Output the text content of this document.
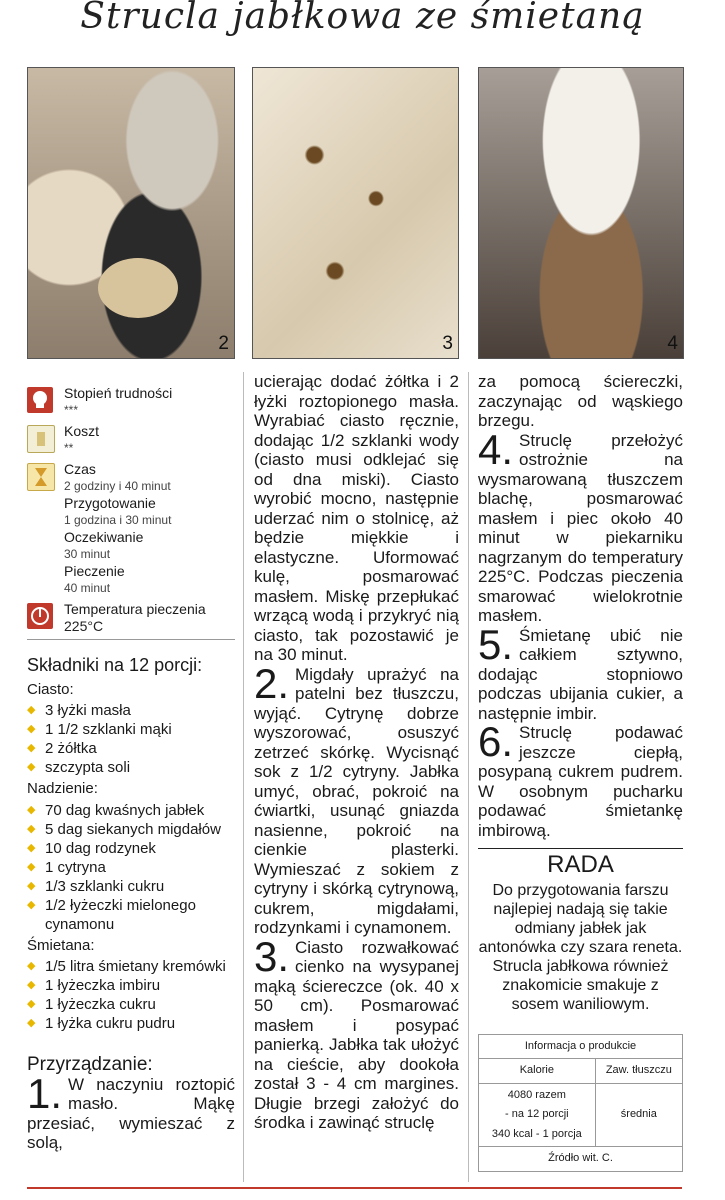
Strucla jabłkowa ze śmietaną
2	3	4
Stopień trudności
***
Koszt
**
Czas
2 godziny i 40 minut
Przygotowanie
1 godzina i 30 minut
Oczekiwanie
30 minut
Pieczenie
40 minut
Temperatura pieczenia
225°C
Składniki na 12 porcji:
Ciasto:
◆ 3 łyżki masła
◆ 1 1/2 szklanki mąki
◆ 2 żółtka
◆ szczypta soli
Nadzienie:
◆ 70 dag kwaśnych jabłek
◆ 5 dag siekanych migdałów
◆ 10 dag rodzynek
◆ 1 cytryna
◆ 1/3 szklanki cukru
◆ 1/2 łyżeczki mielonego cynamonu
Śmietana:
◆ 1/5 litra śmietany kremówki
◆ 1 łyżeczka imbiru
◆ 1 łyżeczka cukru
◆ 1 łyżka cukru pudru
Przyrządzanie:

1. W naczyniu roztopić masło. Mąkę przesiać, wymieszać z solą,

ucierając dodać żółtka i 2 łyżki roztopionego masła. Wyrabiać ciasto ręcznie, dodając 1/2 szklanki wody (ciasto musi odklejać się od dna miski). Ciasto wyrobić mocno, następnie uderzać nim o stolnicę, aż będzie miękkie i elastyczne. Uformować kulę, posmarować masłem. Miskę przepłukać wrzącą wodą i przykryć nią ciasto, tak pozostawić je na 30 minut.

2. Migdały uprażyć na patelni bez tłuszczu, wyjąć. Cytrynę dobrze wyszorować, osuszyć zetrzeć skórkę. Wycisnąć sok z 1/2 cytryny. Jabłka umyć, obrać, pokroić na ćwiartki, usunąć gniazda nasienne, pokroić na cienkie plasterki. Wymieszać z sokiem z cytryny i skórką cytrynową, cukrem, migdałami, rodzynkami i cynamonem.

3. Ciasto rozwałkować cienko na wysypanej mąką ściereczce (ok. 40 x 50 cm). Posmarować masłem i posypać panierką. Jabłka tak ułożyć na cieście, aby dookoła został 3 - 4 cm margines. Długie brzegi założyć do środka i zawinąć struclę

za pomocą ściereczki, zaczynając od wąskiego brzegu.

4. Struclę przełożyć ostrożnie na wysmarowaną tłuszczem blachę, posmarować masłem i piec około 40 minut w piekarniku nagrzanym do temperatury 225°C. Podczas pieczenia smarować wielokrotnie masłem.

5. Śmietanę ubić nie całkiem sztywno, dodając stopniowo podczas ubijania cukier, a następnie imbir.

6. Struclę podawać jeszcze ciepłą, posypaną cukrem pudrem. W osobnym pucharku podawać śmietankę imbirową.

RADA
Do przygotowania farszu najlepiej nadają się takie odmiany jabłek jak antonówka czy szara reneta. Strucla jabłkowa również znakomicie smakuje z sosem waniliowym.
Informacja o produkcie	
Kalorie	Zaw. tłuszczu

4080 razem
- na 12 porcji
340 kcal - 1 porcja	średnia
Źródło wit. C.	
